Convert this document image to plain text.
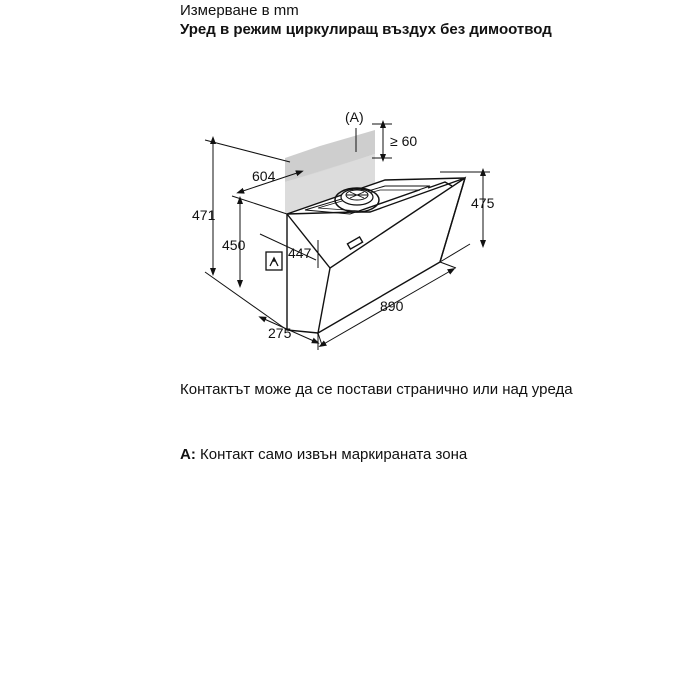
Измерване в mm
Уред в режим циркулиращ въздух без димоотвод
(A)
≥ 60
604
471
450	447
475
890
275
Контактът може да се постави странично или над уреда
A: Контакт само извън маркираната зона
